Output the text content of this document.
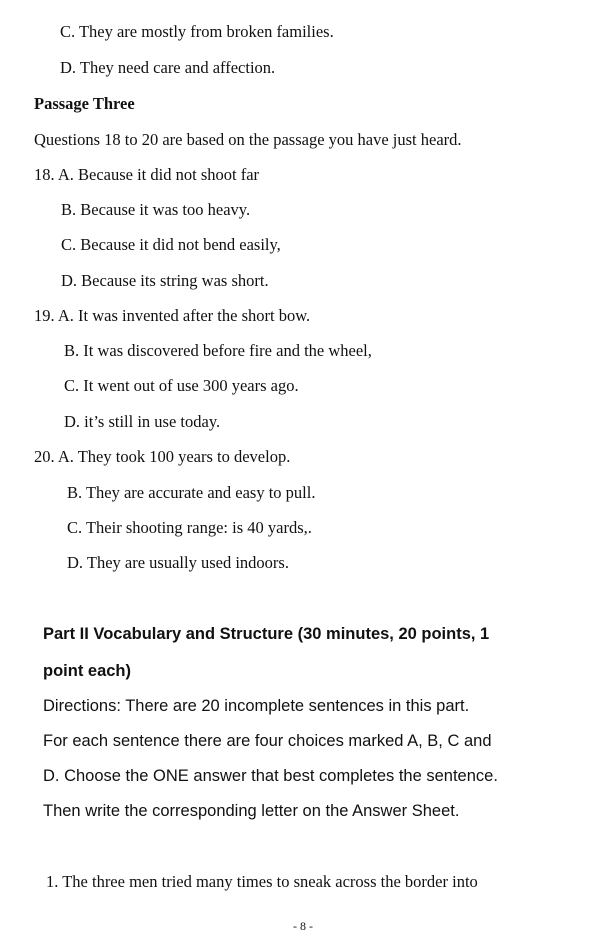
C. They are mostly from broken families.
D. They need care and affection.
Passage Three
Questions 18 to 20 are based on the passage you have just heard.
18. A. Because it did not shoot far
B. Because it was too heavy.
C. Because it did not bend easily,
D. Because its string was short.
19. A. It was invented after the short bow.
B. It was discovered before fire and the wheel,
C. It went out of use 300 years ago.
D. it’s still in use today.
20. A. They took 100 years to develop.
B. They are accurate and easy to pull.
C. Their shooting range: is 40 yards,.
D. They are usually used indoors.
Part II Vocabulary and Structure (30 minutes, 20 points, 1
point each)
Directions: There are 20 incomplete sentences in this part.
For each sentence there are four choices marked A, B, C and
D. Choose the ONE answer that best completes the sentence.
Then write the corresponding letter on the Answer Sheet.
1. The three men tried many times to sneak across the border into
- 8 -
